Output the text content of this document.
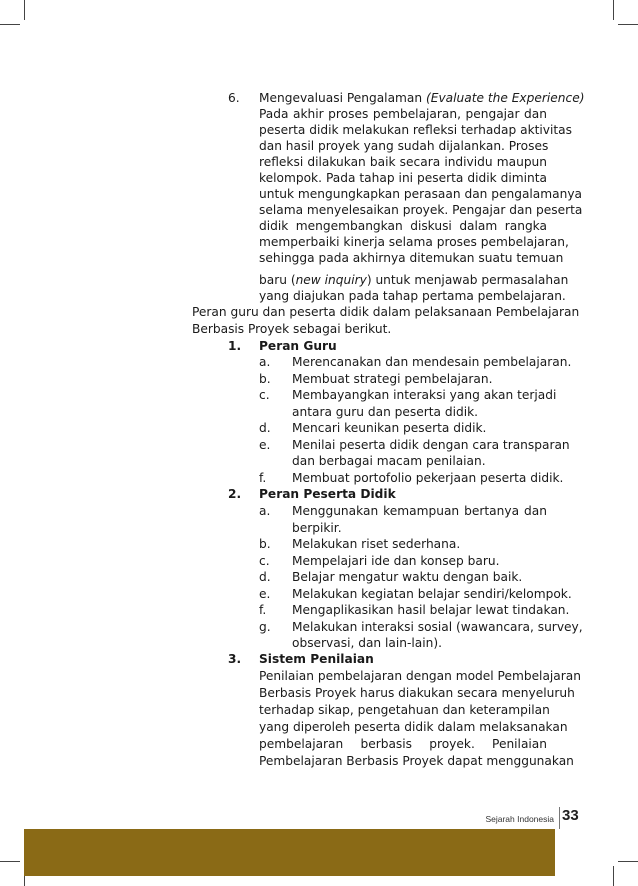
6. Mengevaluasi Pengalaman (Evaluate the Experience)
Pada akhir proses pembelajaran, pengajar dan
peserta didik melakukan refleksi terhadap aktivitas
dan hasil proyek yang sudah dijalankan. Proses
refleksi dilakukan baik secara individu maupun
kelompok. Pada tahap ini peserta didik diminta
untuk mengungkapkan perasaan dan pengalamanya
selama menyelesaikan proyek. Pengajar dan peserta
didik mengembangkan diskusi dalam rangka
memperbaiki kinerja selama proses pembelajaran,
sehingga pada akhirnya ditemukan suatu temuan
baru (new inquiry) untuk menjawab permasalahan
yang diajukan pada tahap pertama pembelajaran.
Peran guru dan peserta didik dalam pelaksanaan Pembelajaran
Berbasis Proyek sebagai berikut.
1. Peran Guru
a. Merencanakan dan mendesain pembelajaran.
b. Membuat strategi pembelajaran.
c. Membayangkan interaksi yang akan terjadi
antara guru dan peserta didik.
d. Mencari keunikan peserta didik.
e. Menilai peserta didik dengan cara transparan
dan berbagai macam penilaian.
f. Membuat portofolio pekerjaan peserta didik.
2. Peran Peserta Didik
a. Menggunakan kemampuan bertanya dan
berpikir.
b. Melakukan riset sederhana.
c. Mempelajari ide dan konsep baru.
d. Belajar mengatur waktu dengan baik.
e. Melakukan kegiatan belajar sendiri/kelompok.
f. Mengaplikasikan hasil belajar lewat tindakan.
g. Melakukan interaksi sosial (wawancara, survey,
observasi, dan lain-lain).
3. Sistem Penilaian
Penilaian pembelajaran dengan model Pembelajaran
Berbasis Proyek harus diakukan secara menyeluruh
terhadap sikap, pengetahuan dan keterampilan
yang diperoleh peserta didik dalam melaksanakan
pembelajaran berbasis proyek. Penilaian
Pembelajaran Berbasis Proyek dapat menggunakan
Sejarah Indonesia 33
